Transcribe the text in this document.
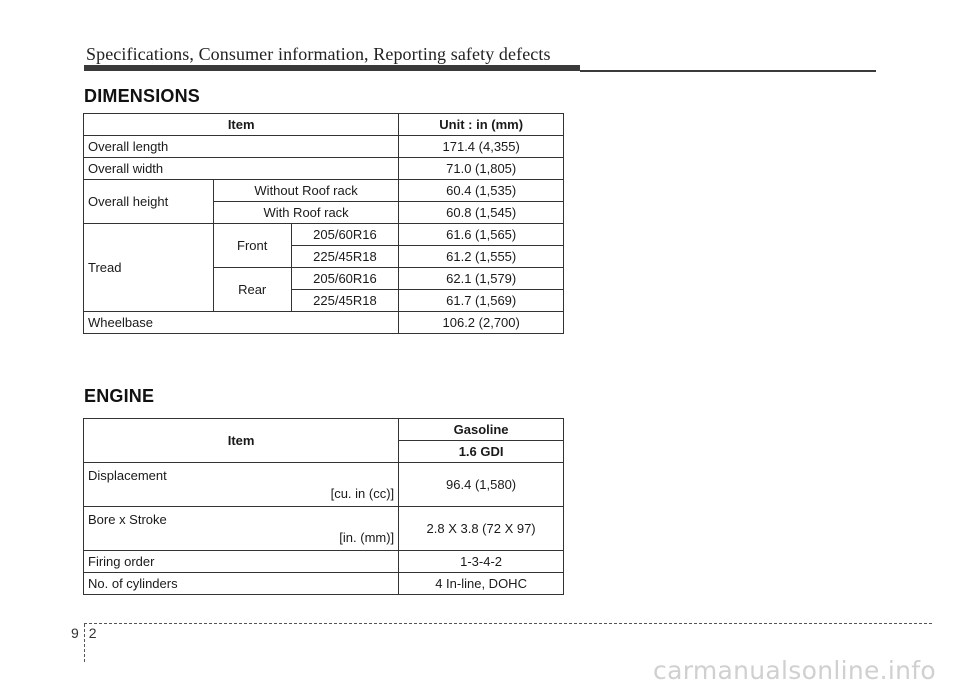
Specifications, Consumer information, Reporting safety defects
DIMENSIONS
Item			Unit : in (mm)
Overall length			171.4 (4,355)
Overall width			71.0 (1,805)
Overall height	Without Roof rack		60.4 (1,535)
	With Roof rack		60.8 (1,545)
Tread	Front	205/60R16	61.6 (1,565)
		225/45R18	61.2 (1,555)
	Rear	205/60R16	62.1 (1,579)
		225/45R18	61.7 (1,569)
Wheelbase			106.2 (2,700)
ENGINE
Item	Gasoline
	1.6 GDI

Displacement
[cu. in (cc)]	96.4 (1,580)

Bore x Stroke
[in. (mm)]	2.8 X 3.8 (72 X 97)
Firing order	1-3-4-2
No. of cylinders	4 In-line, DOHC
92
carmanualsonline.info
